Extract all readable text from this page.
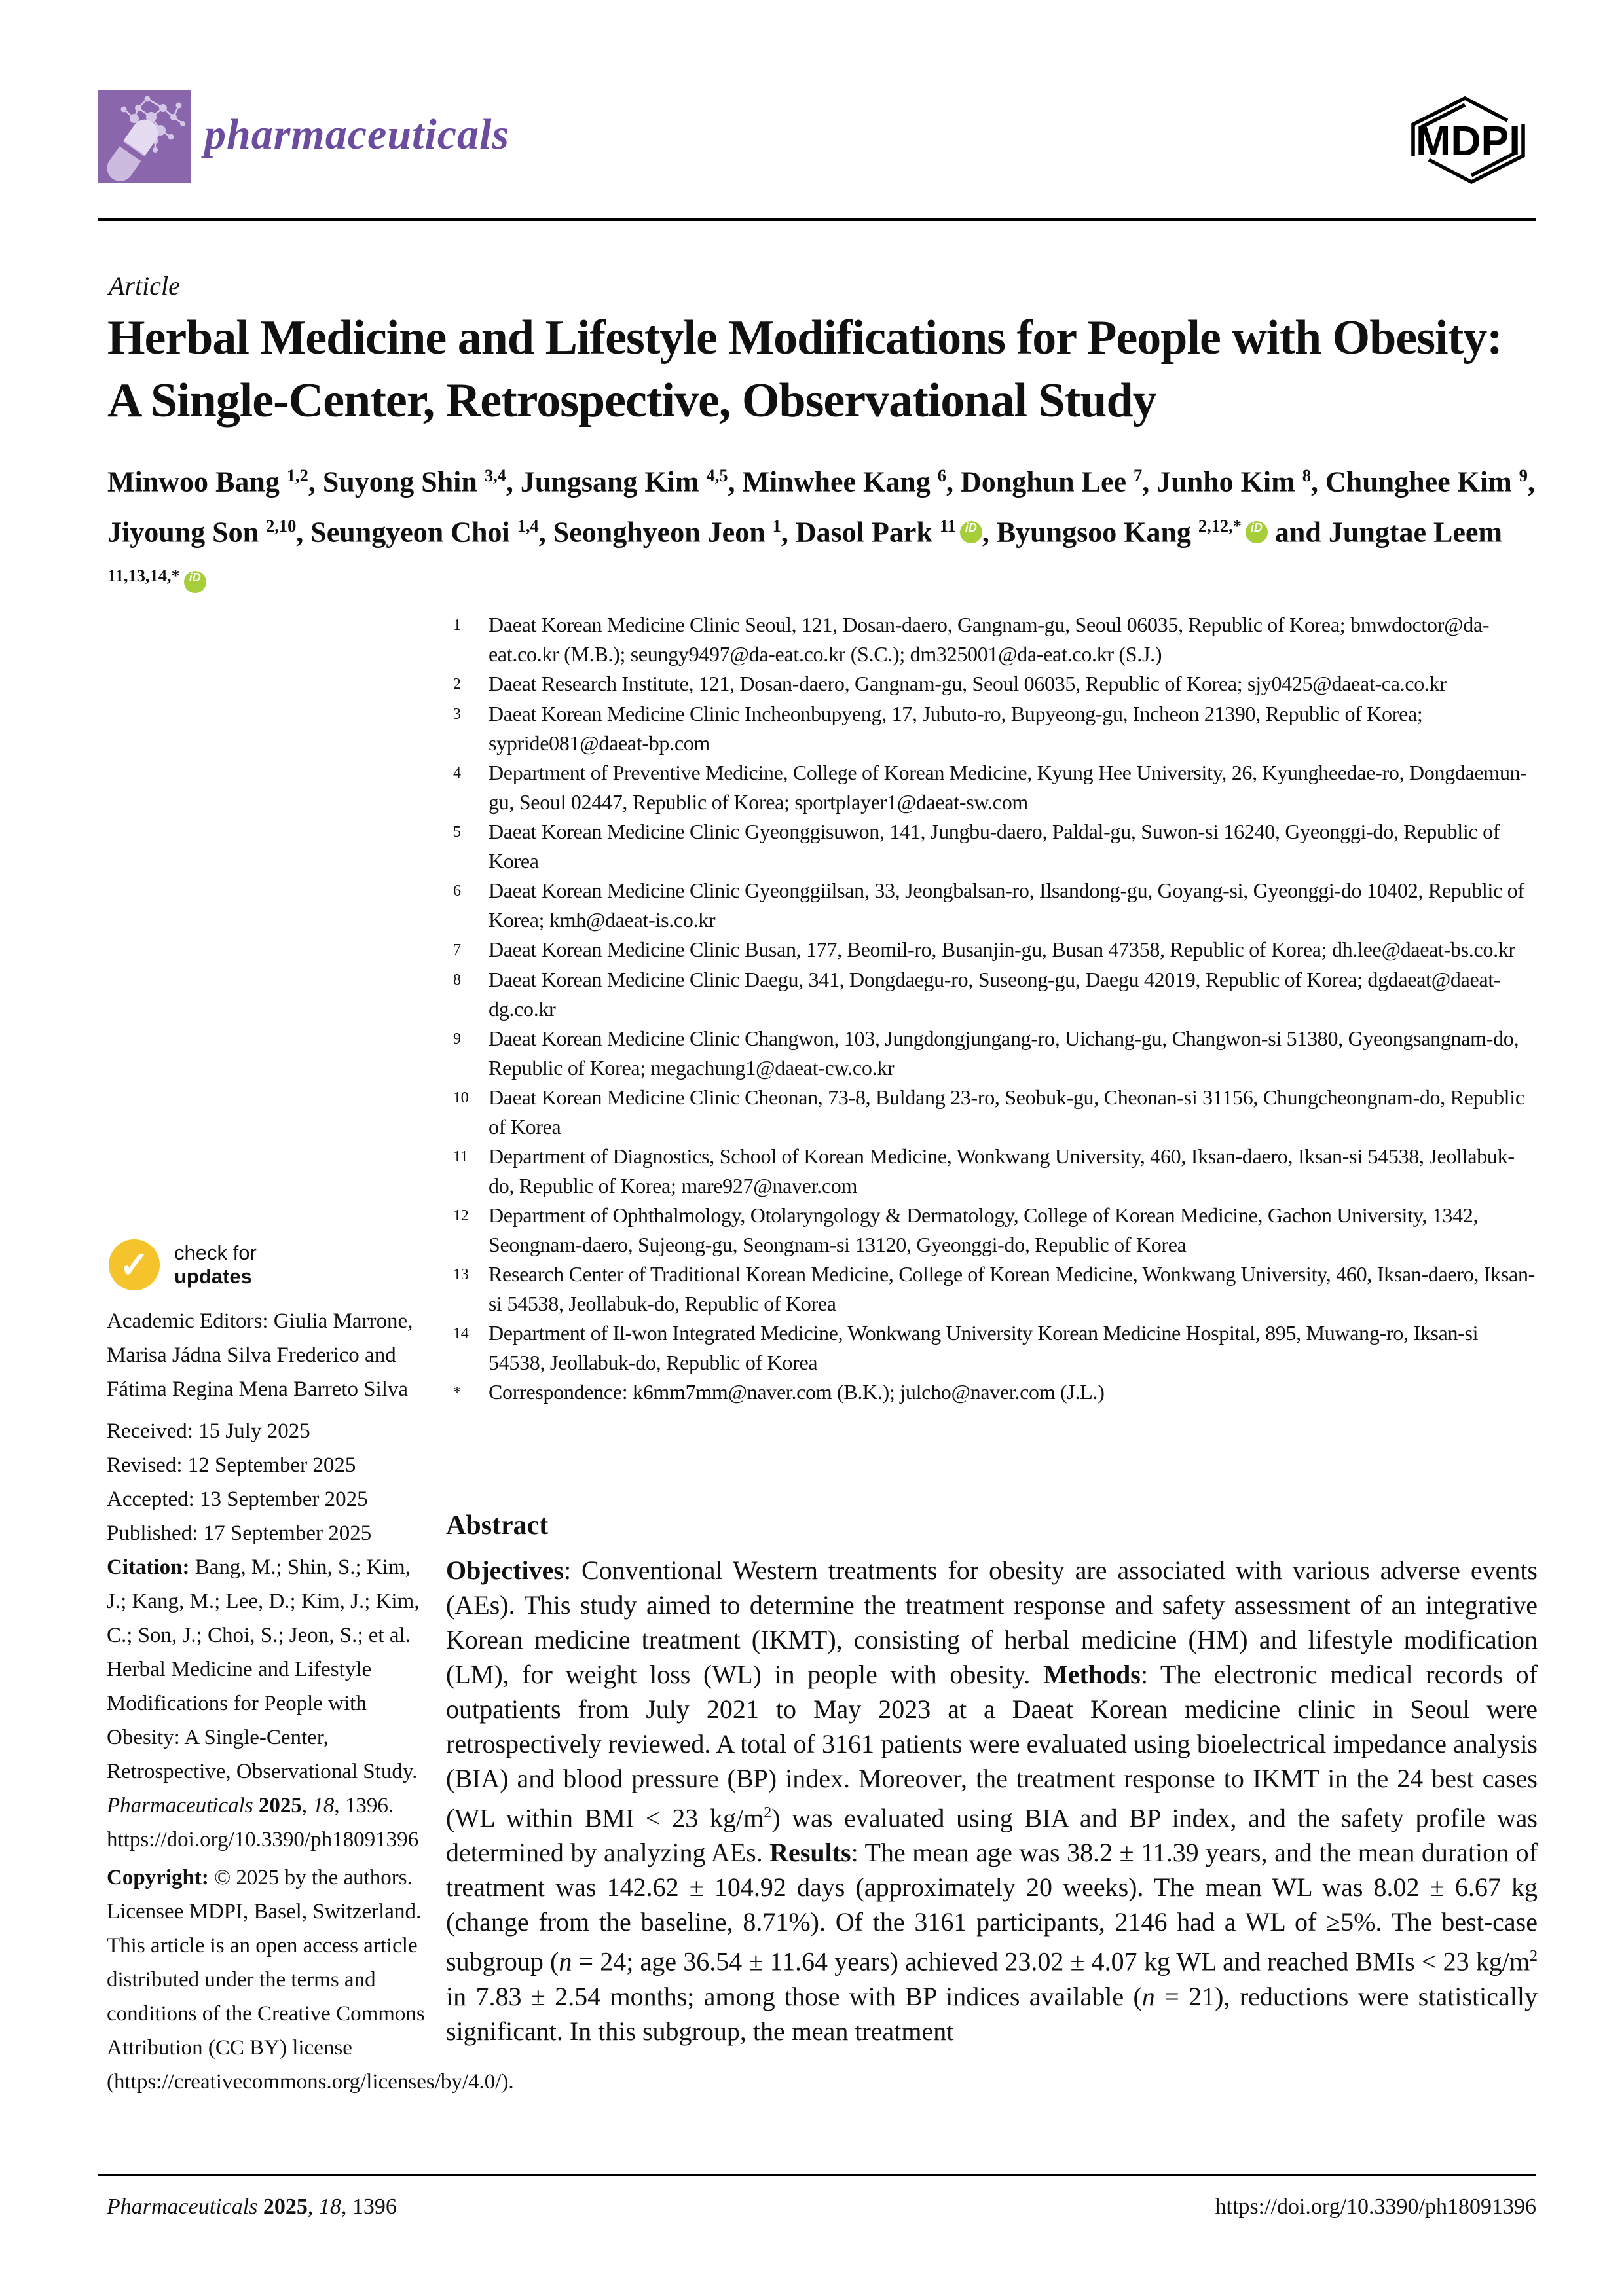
pharmaceuticals	MDPI
Article
Herbal Medicine and Lifestyle Modifications for People with Obesity: A Single-Center, Retrospective, Observational Study

Minwoo Bang $^{1,2}$, Suyong Shin $^{3,4}$, Jungsang Kim $^{4,5}$, Minwhee Kang $^6$, Donghun Lee $^7$, Junho Kim $^8$, Chunghee Kim $^9$, Jiyoung Son $^{2,10}$, Seungyeon Choi $^{1,4}$, Seonghyeon Jeon $^1$, Dasol Park $^{11}$ iD , Byungsoo Kang $^{2,12,*}$ iD and Jungtae Leem $^{11,13,14,*}$ iD

1	Daeat Korean Medicine Clinic Seoul, 121, Dosan-daero, Gangnam-gu, Seoul 06035, Republic of Korea; bmwdoctor@da-eat.co.kr (M.B.); seungy9497@da-eat.co.kr (S.C.); dm325001@da-eat.co.kr (S.J.)
2	Daeat Research Institute, 121, Dosan-daero, Gangnam-gu, Seoul 06035, Republic of Korea; sjy0425@daeat-ca.co.kr
3	Daeat Korean Medicine Clinic Incheonbupyeng, 17, Jubuto-ro, Bupyeong-gu, Incheon 21390, Republic of Korea; sypride081@daeat-bp.com
4	Department of Preventive Medicine, College of Korean Medicine, Kyung Hee University, 26, Kyungheedae-ro, Dongdaemun-gu, Seoul 02447, Republic of Korea; sportplayer1@daeat-sw.com
5	Daeat Korean Medicine Clinic Gyeonggisuwon, 141, Jungbu-daero, Paldal-gu, Suwon-si 16240, Gyeonggi-do, Republic of Korea
6	Daeat Korean Medicine Clinic Gyeonggiilsan, 33, Jeongbalsan-ro, Ilsandong-gu, Goyang-si, Gyeonggi-do 10402, Republic of Korea; kmh@daeat-is.co.kr
7	Daeat Korean Medicine Clinic Busan, 177, Beomil-ro, Busanjin-gu, Busan 47358, Republic of Korea; dh.lee@daeat-bs.co.kr
8	Daeat Korean Medicine Clinic Daegu, 341, Dongdaegu-ro, Suseong-gu, Daegu 42019, Republic of Korea; dgdaeat@daeat-dg.co.kr
9	Daeat Korean Medicine Clinic Changwon, 103, Jungdongjungang-ro, Uichang-gu, Changwon-si 51380, Gyeongsangnam-do, Republic of Korea; megachung1@daeat-cw.co.kr
10 Daeat Korean Medicine Clinic Cheonan, 73-8, Buldang 23-ro, Seobuk-gu, Cheonan-si 31156, Chungcheongnam-do, Republic of Korea
11 Department of Diagnostics, School of Korean Medicine, Wonkwang University, 460, Iksan-daero, Iksan-si 54538, Jeollabuk-do, Republic of Korea; mare927@naver.com
12 Department of Ophthalmology, Otolaryngology & Dermatology, College of Korean Medicine, Gachon University, 1342, Seongnam-daero, Sujeong-gu, Seongnam-si 13120, Gyeonggi-do, Republic of Korea
13 Research Center of Traditional Korean Medicine, College of Korean Medicine, Wonkwang University, 460, Iksan-daero, Iksan-si 54538, Jeollabuk-do, Republic of Korea
14 Department of Il-won Integrated Medicine, Wonkwang University Korean Medicine Hospital, 895, Muwang-ro, Iksan-si 54538, Jeollabuk-do, Republic of Korea
*	Correspondence: k6mm7mm@naver.com (B.K.); julcho@naver.com (J.L.)
✓	check for
updates

Academic Editors: Giulia Marrone, Marisa Jádna Silva Frederico and Fátima Regina Mena Barreto Silva

Received: 15 July 2025
Revised: 12 September 2025
Accepted: 13 September 2025
Published: 17 September 2025

Citation: Bang, M.; Shin, S.; Kim, J.; Kang, M.; Lee, D.; Kim, J.; Kim, C.; Son, J.; Choi, S.; Jeon, S.; et al. Herbal Medicine and Lifestyle Modifications for People with Obesity: A Single-Center, Retrospective, Observational Study. Pharmaceuticals 2025, 18, 1396. https://doi.org/10.3390/ph18091396

Copyright: © 2025 by the authors. Licensee MDPI, Basel, Switzerland. This article is an open access article distributed under the terms and conditions of the Creative Commons Attribution (CC BY) license (https://creativecommons.org/licenses/by/4.0/).

Abstract

Objectives: Conventional Western treatments for obesity are associated with various adverse events (AEs). This study aimed to determine the treatment response and safety assessment of an integrative Korean medicine treatment (IKMT), consisting of herbal medicine (HM) and lifestyle modification (LM), for weight loss (WL) in people with obesity. Methods: The electronic medical records of outpatients from July 2021 to May 2023 at a Daeat Korean medicine clinic in Seoul were retrospectively reviewed. A total of 3161 patients were evaluated using bioelectrical impedance analysis (BIA) and blood pressure (BP) index. Moreover, the treatment response to IKMT in the 24 best cases (WL within BMI < 23 $kg/m^2$) was evaluated using BIA and BP index, and the safety profile was determined by analyzing AEs. Results: The mean age was 38.2 ± 11.39 years, and the mean duration of treatment was 142.62 ± 104.92 days (approximately 20 weeks). The mean WL was 8.02 ± 6.67 kg (change from the baseline, 8.71%). Of the 3161 participants, 2146 had a WL of ≥5%. The best-case subgroup (n = 24; age 36.54 ± 11.64 years) achieved 23.02 ± 4.07 kg WL and reached BMIs < 23 $kg/m^2$ in 7.83 ± 2.54 months; among those with BP indices available (n = 21), reductions were statistically significant. In this subgroup, the mean treatment

Pharmaceuticals 2025, 18, 1396	https://doi.org/10.3390/ph18091396
